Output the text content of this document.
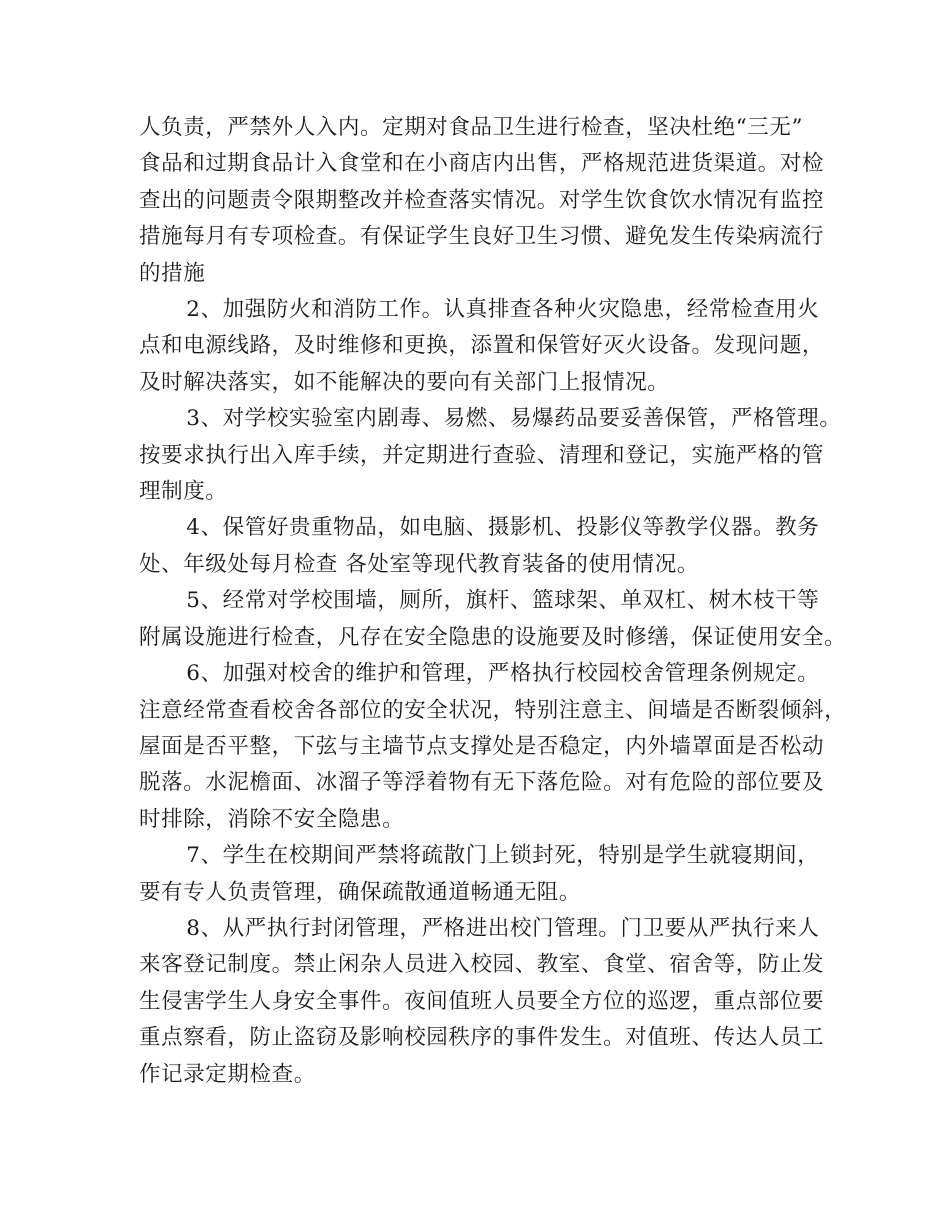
人负责，严禁外人入内。定期对食品卫生进行检查，坚决杜绝“三无”
食品和过期食品计入食堂和在小商店内出售，严格规范进货渠道。对检
查出的问题责令限期整改并检查落实情况。对学生饮食饮水情况有监控
措施每月有专项检查。有保证学生良好卫生习惯、避免发生传染病流行
的措施

2、加强防火和消防工作。认真排查各种火灾隐患，经常检查用火
点和电源线路，及时维修和更换，添置和保管好灭火设备。发现问题，
及时解决落实，如不能解决的要向有关部门上报情况。

3、对学校实验室内剧毒、易燃、易爆药品要妥善保管，严格管理。
按要求执行出入库手续，并定期进行查验、清理和登记，实施严格的管
理制度。

4、保管好贵重物品，如电脑、摄影机、投影仪等教学仪器。教务
处、年级处每月检查 各处室等现代教育装备的使用情况。

5、经常对学校围墙，厕所，旗杆、篮球架、单双杠、树木枝干等
附属设施进行检查，凡存在安全隐患的设施要及时修缮，保证使用安全。

6、加强对校舍的维护和管理，严格执行校园校舍管理条例规定。
注意经常查看校舍各部位的安全状况，特别注意主、间墙是否断裂倾斜，
屋面是否平整，下弦与主墙节点支撑处是否稳定，内外墙罩面是否松动
脱落。水泥檐面、冰溜子等浮着物有无下落危险。对有危险的部位要及
时排除，消除不安全隐患。

7、学生在校期间严禁将疏散门上锁封死，特别是学生就寝期间，
要有专人负责管理，确保疏散通道畅通无阻。

8、从严执行封闭管理，严格进出校门管理。门卫要从严执行来人
来客登记制度。禁止闲杂人员进入校园、教室、食堂、宿舍等，防止发
生侵害学生人身安全事件。夜间值班人员要全方位的巡逻，重点部位要
重点察看，防止盗窃及影响校园秩序的事件发生。对值班、传达人员工
作记录定期检查。
